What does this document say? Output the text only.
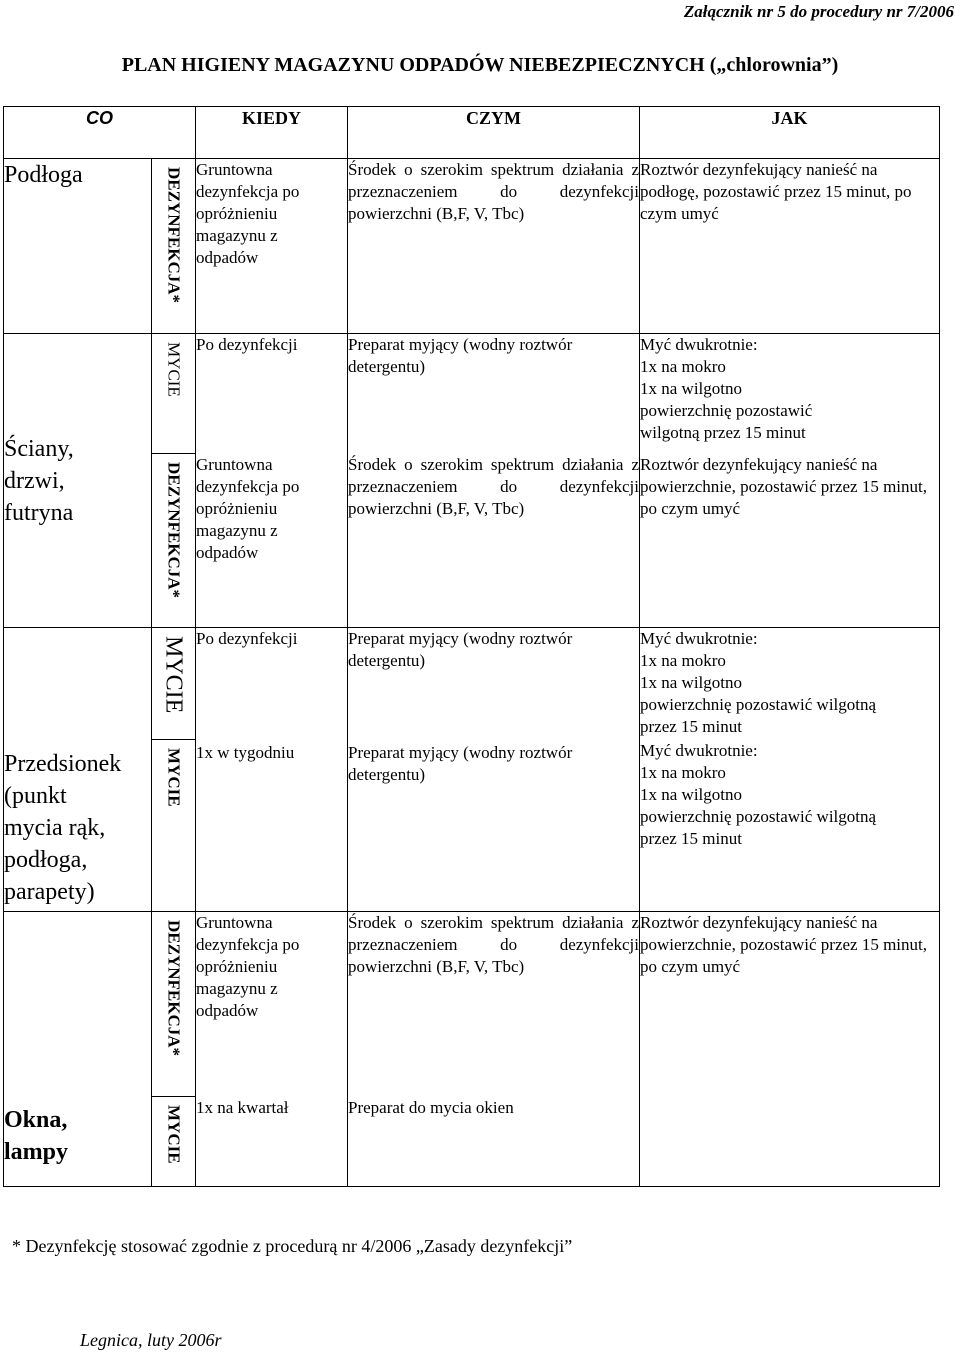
Załącznik nr 5 do procedury nr 7/2006
PLAN HIGIENY MAGAZYNU ODPADÓW NIEBEZPIECZNYCH („chlorownia”)
CO		KIEDY	CZYM	JAK
Podłoga	DEZYNFEKCJA*	Gruntowna
dezynfekcja po
opróżnieniu
magazynu z
odpadów	Środek o szerokim spektrum działania z przeznaczeniem do dezynfekcji powierzchni (B,F, V, Tbc)	Roztwór dezynfekujący nanieść na podłogę, pozostawić przez 15 minut, po czym umyć
Ściany,
drzwi,
futryna	MYCIE	Po dezynfekcji	Preparat myjący (wodny roztwór detergentu)	Myć dwukrotnie:
1x na mokro
1x na wilgotno
powierzchnię pozostawić
wilgotną przez 15 minut
	DEZYNFEKCJA*	Gruntowna
dezynfekcja po
opróżnieniu
magazynu z
odpadów	Środek o szerokim spektrum działania z przeznaczeniem do dezynfekcji powierzchni (B,F, V, Tbc)	Roztwór dezynfekujący nanieść na powierzchnie, pozostawić przez 15 minut, po czym umyć
Przedsionek
(punkt
mycia rąk,
podłoga,
parapety)	MYCIE	Po dezynfekcji	Preparat myjący (wodny roztwór detergentu)	Myć dwukrotnie:
1x na mokro
1x na wilgotno
powierzchnię pozostawić wilgotną
przez 15 minut
	MYCIE	1x w tygodniu	Preparat myjący (wodny roztwór detergentu)	Myć dwukrotnie:
1x na mokro
1x na wilgotno
powierzchnię pozostawić wilgotną
przez 15 minut
Okna,
lampy	DEZYNFEKCJA*	Gruntowna
dezynfekcja po
opróżnieniu
magazynu z
odpadów	Środek o szerokim spektrum działania z przeznaczeniem do dezynfekcji powierzchni (B,F, V, Tbc)	Roztwór dezynfekujący nanieść na powierzchnie, pozostawić przez 15 minut, po czym umyć
	MYCIE	1x na kwartał	Preparat do mycia okien	
* Dezynfekcję stosować zgodnie z procedurą nr 4/2006 „Zasady dezynfekcji”
Legnica, luty 2006r
